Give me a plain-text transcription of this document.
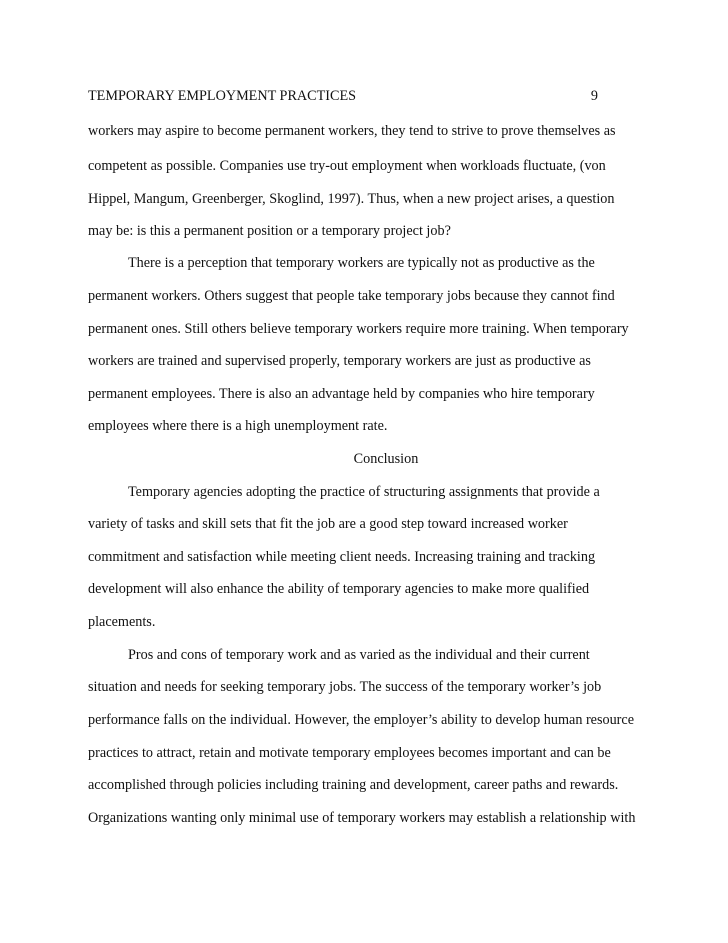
TEMPORARY EMPLOYMENT PRACTICES	9
workers may aspire to become permanent workers, they tend to strive to prove themselves as
competent as possible. Companies use try-out employment when workloads fluctuate, (von
Hippel, Mangum, Greenberger, Skoglind, 1997). Thus, when a new project arises, a question
may be: is this a permanent position or a temporary project job?
There is a perception that temporary workers are typically not as productive as the
permanent workers. Others suggest that people take temporary jobs because they cannot find
permanent ones. Still others believe temporary workers require more training. When temporary
workers are trained and supervised properly, temporary workers are just as productive as
permanent employees. There is also an advantage held by companies who hire temporary
employees where there is a high unemployment rate.
Conclusion
Temporary agencies adopting the practice of structuring assignments that provide a
variety of tasks and skill sets that fit the job are a good step toward increased worker
commitment and satisfaction while meeting client needs. Increasing training and tracking
development will also enhance the ability of temporary agencies to make more qualified
placements.
Pros and cons of temporary work and as varied as the individual and their current
situation and needs for seeking temporary jobs. The success of the temporary worker’s job
performance falls on the individual. However, the employer’s ability to develop human resource
practices to attract, retain and motivate temporary employees becomes important and can be
accomplished through policies including training and development, career paths and rewards.
Organizations wanting only minimal use of temporary workers may establish a relationship with
